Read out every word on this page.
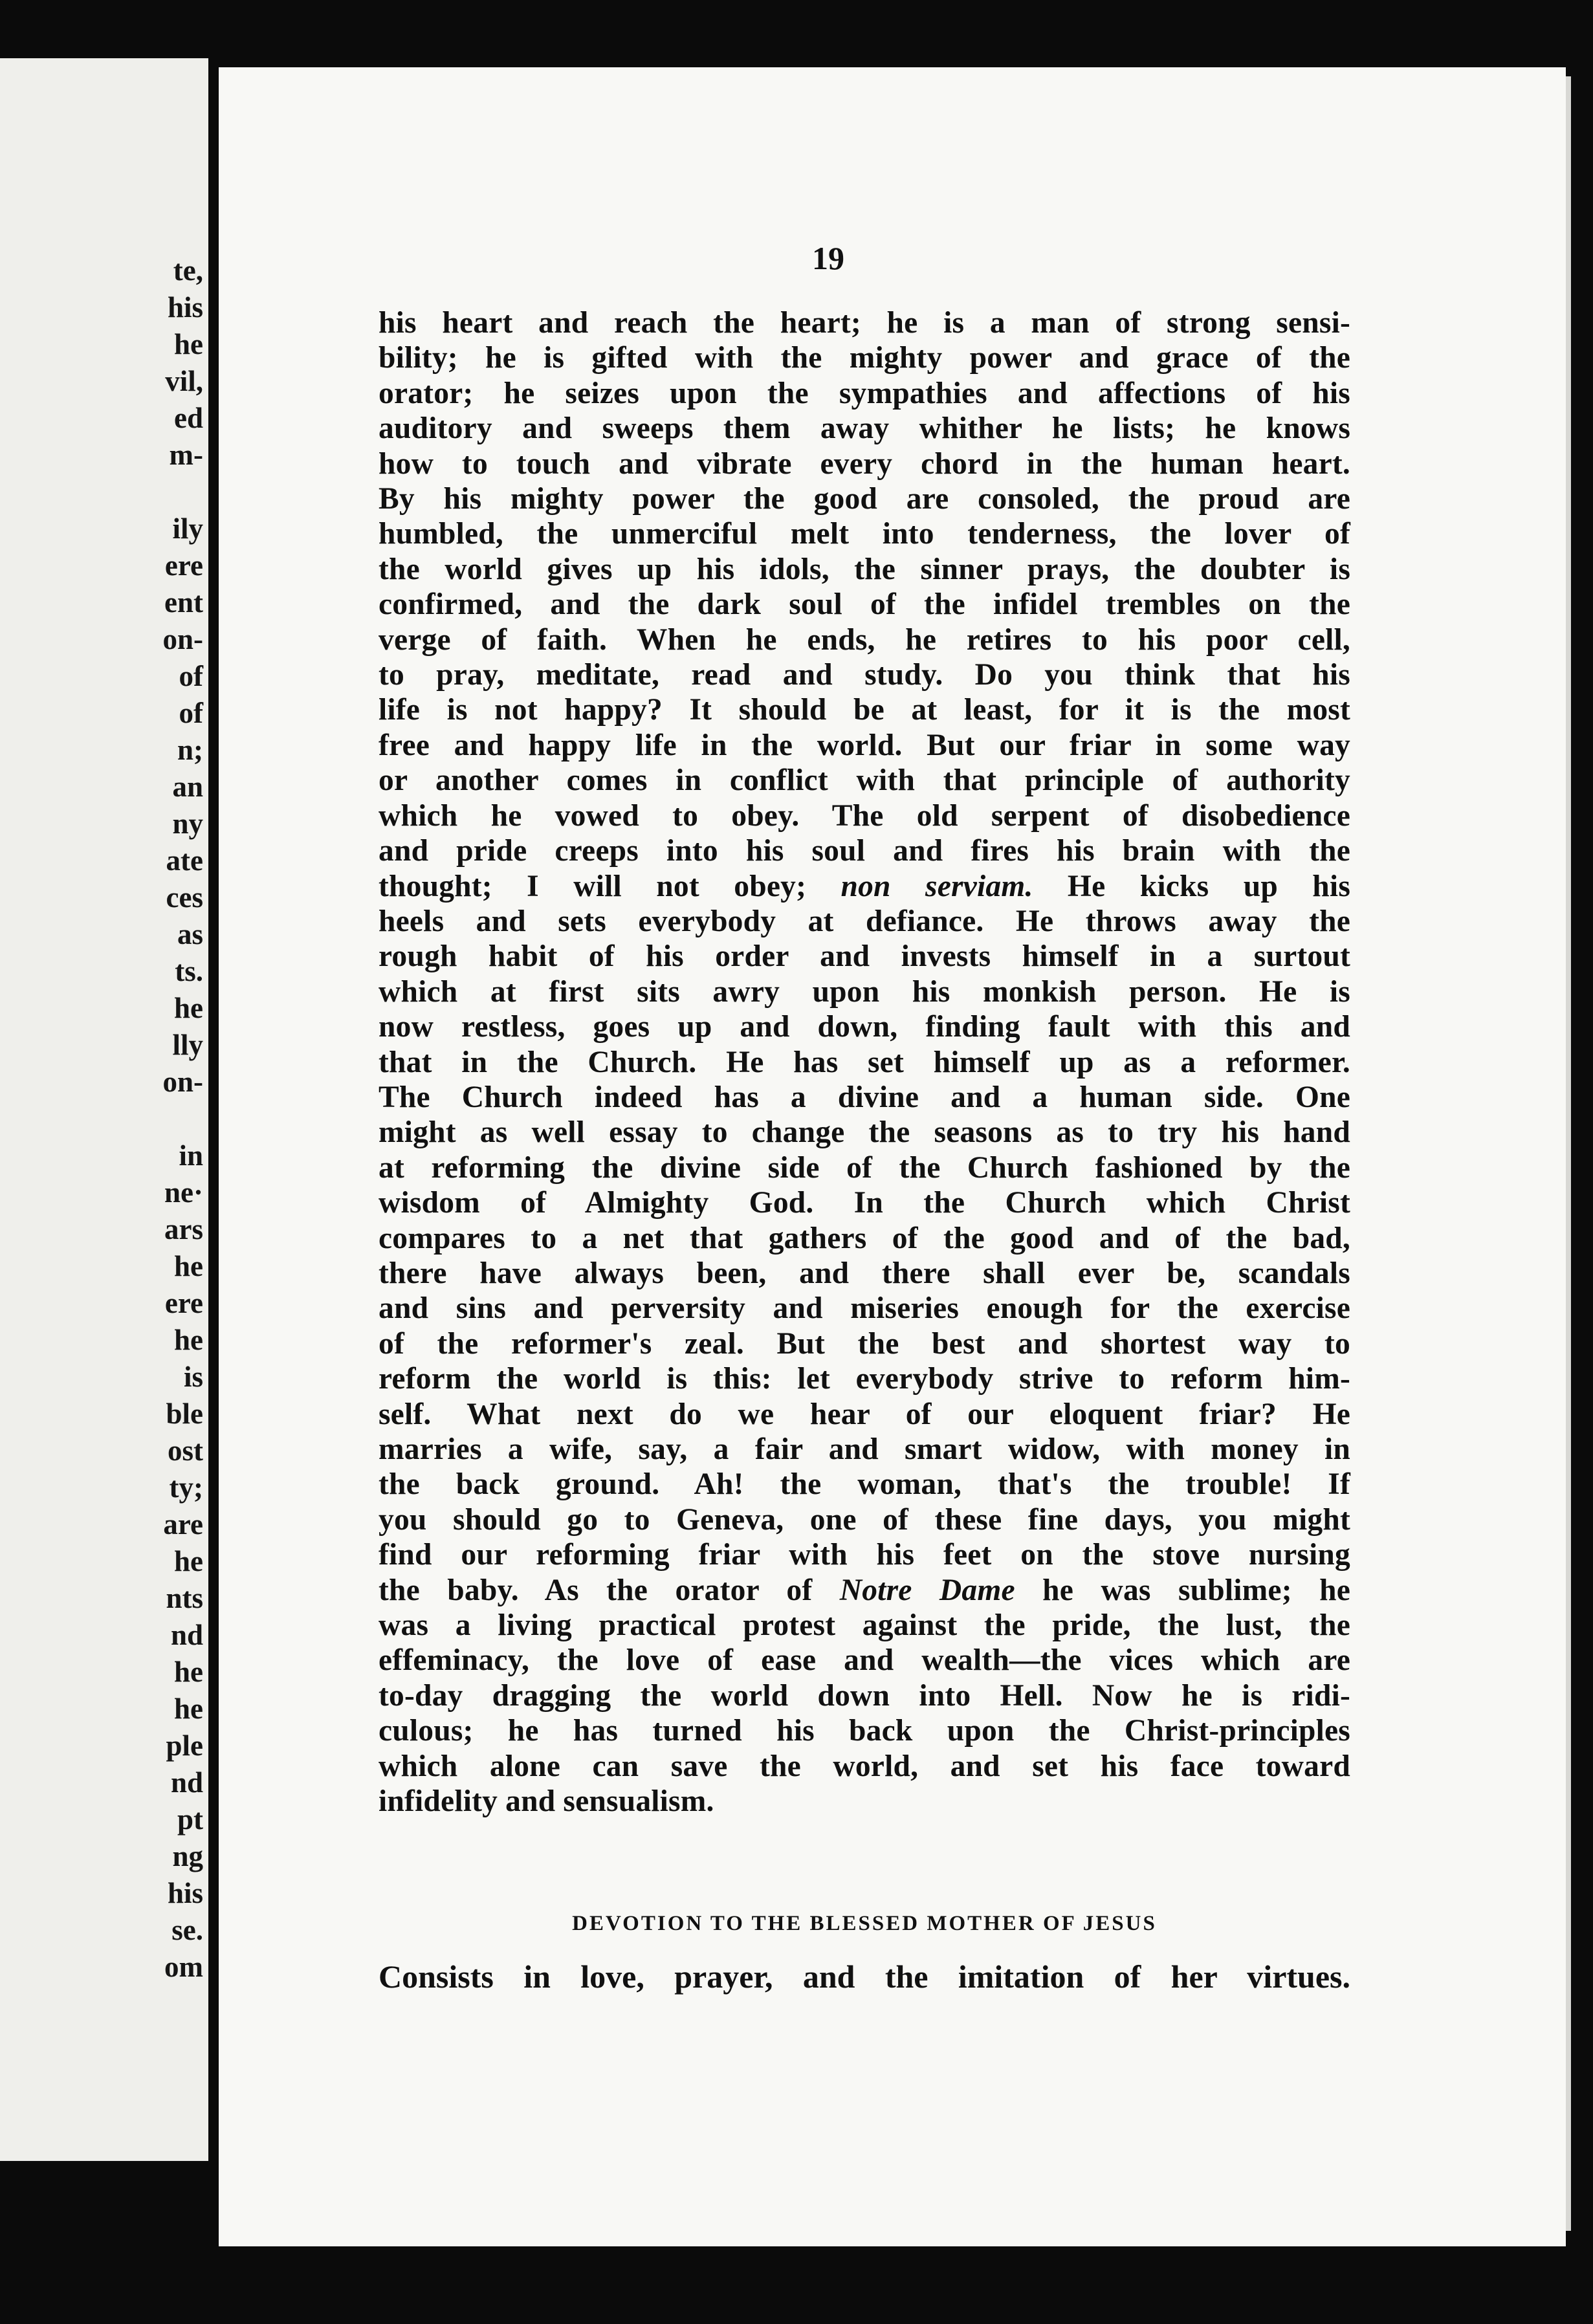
te,
his
he
vil,
ed
m-
ily
ere
ent
on-
of
of
n;
an
ny
ate
ces
as
ts.
he
lly
on-
in
ne·
ars
he
ere
he
is
ble
ost
ty;
are
he
nts
nd
he
he
ple
nd
pt
ng
his
se.
om
19
his heart and reach the heart; he is a man of strong sensi-
bility; he is gifted with the mighty power and grace of the
orator; he seizes upon the sympathies and affections of his
auditory and sweeps them away whither he lists; he knows
how to touch and vibrate every chord in the human heart.
By his mighty power the good are consoled, the proud are
humbled, the unmerciful melt into tenderness, the lover of
the world gives up his idols, the sinner prays, the doubter is
confirmed, and the dark soul of the infidel trembles on the
verge of faith. When he ends, he retires to his poor cell,
to pray, meditate, read and study. Do you think that his
life is not happy? It should be at least, for it is the most
free and happy life in the world. But our friar in some way
or another comes in conflict with that principle of authority
which he vowed to obey. The old serpent of disobedience
and pride creeps into his soul and fires his brain with the
thought; I will not obey; non serviam. He kicks up his
heels and sets everybody at defiance. He throws away the
rough habit of his order and invests himself in a surtout
which at first sits awry upon his monkish person. He is
now restless, goes up and down, finding fault with this and
that in the Church. He has set himself up as a reformer.
The Church indeed has a divine and a human side. One
might as well essay to change the seasons as to try his hand
at reforming the divine side of the Church fashioned by the
wisdom of Almighty God. In the Church which Christ
compares to a net that gathers of the good and of the bad,
there have always been, and there shall ever be, scandals
and sins and perversity and miseries enough for the exercise
of the reformer's zeal. But the best and shortest way to
reform the world is this: let everybody strive to reform him-
self. What next do we hear of our eloquent friar? He
marries a wife, say, a fair and smart widow, with money in
the back ground. Ah! the woman, that's the trouble! If
you should go to Geneva, one of these fine days, you might
find our reforming friar with his feet on the stove nursing
the baby. As the orator of Notre Dame he was sublime; he
was a living practical protest against the pride, the lust, the
effeminacy, the love of ease and wealth—the vices which are
to-day dragging the world down into Hell. Now he is ridi-
culous; he has turned his back upon the Christ-principles
which alone can save the world, and set his face toward
infidelity and sensualism.
DEVOTION TO THE BLESSED MOTHER OF JESUS
Consists in love, prayer, and the imitation of her virtues.
